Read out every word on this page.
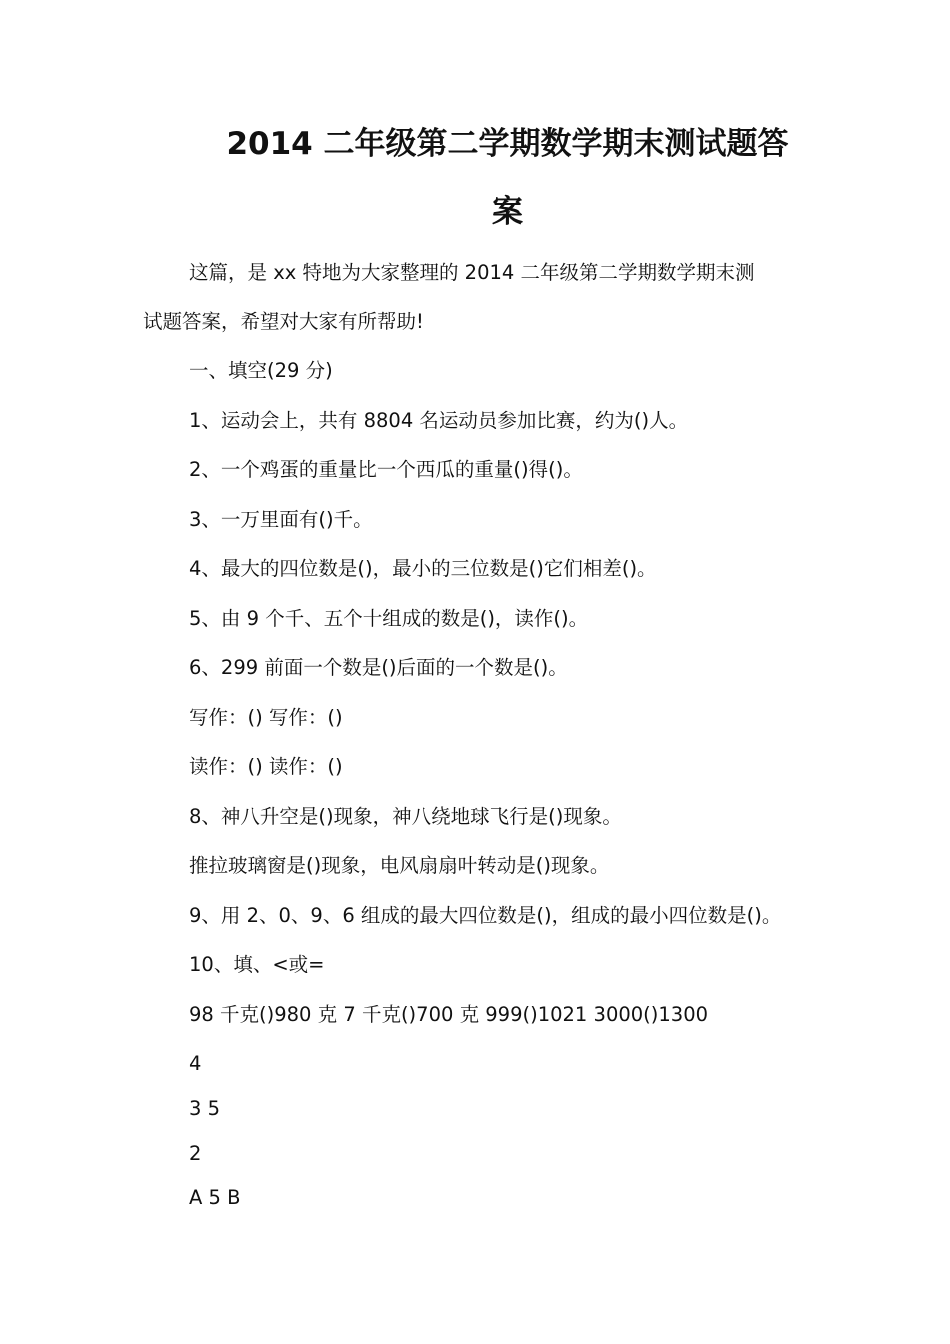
2014 二年级第二学期数学期末测试题答
案
这篇，是 xx 特地为大家整理的 2014 二年级第二学期数学期末测
试题答案，希望对大家有所帮助!
一、填空(29 分)
1、运动会上，共有 8804 名运动员参加比赛，约为()人。
2、一个鸡蛋的重量比一个西瓜的重量()得()。
3、一万里面有()千。
4、最大的四位数是()，最小的三位数是()它们相差()。
5、由 9 个千、五个十组成的数是()，读作()。
6、299 前面一个数是()后面的一个数是()。
写作：() 写作：()
读作：() 读作：()
8、神八升空是()现象，神八绕地球飞行是()现象。
推拉玻璃窗是()现象，电风扇扇叶转动是()现象。
9、用 2、0、9、6 组成的最大四位数是()，组成的最小四位数是()。
10、填、<或=
98 千克()980 克 7 千克()700 克 999()1021 3000()1300
4
3 5
2
A 5 B
